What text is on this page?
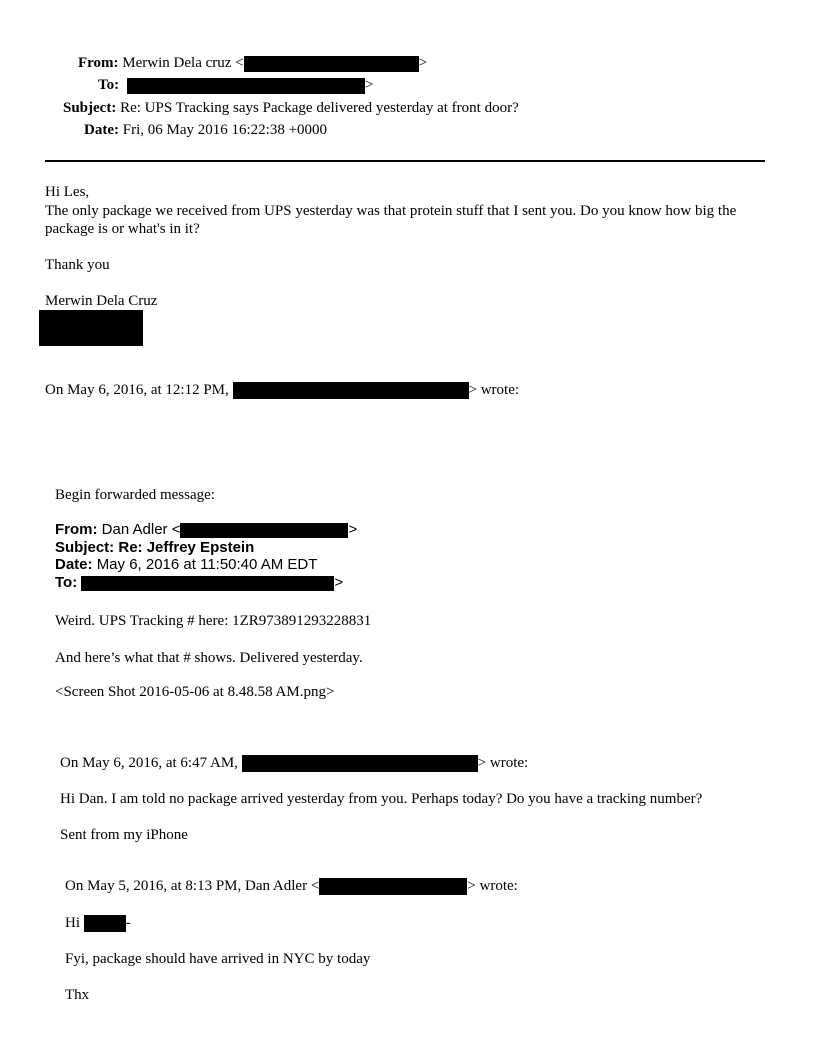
From: Merwin Dela cruz <	>
To:	>
Subject: Re: UPS Tracking says Package delivered yesterday at front door?
Date: Fri, 06 May 2016 16:22:38 +0000
Hi Les,
The only package we received from UPS yesterday was that protein stuff that I sent you. Do you know how big the package is or what's in it?
Thank you
Merwin Dela Cruz
On May 6, 2016, at 12:12 PM,	> wrote:
Begin forwarded message:
From: Dan Adler <	>
Subject: Re: Jeffrey Epstein
Date: May 6, 2016 at 11:50:40 AM EDT
To:	>
Weird. UPS Tracking # here: 1ZR973891293228831
And here’s what that # shows. Delivered yesterday.
<Screen Shot 2016-05-06 at 8.48.58 AM.png>
On May 6, 2016, at 6:47 AM,	> wrote:
Hi Dan. I am told no package arrived yesterday from you. Perhaps today? Do you have a tracking number?
Sent from my iPhone
On May 5, 2016, at 8:13 PM, Dan Adler <	> wrote:
Hi	-
Fyi, package should have arrived in NYC by today
Thx
